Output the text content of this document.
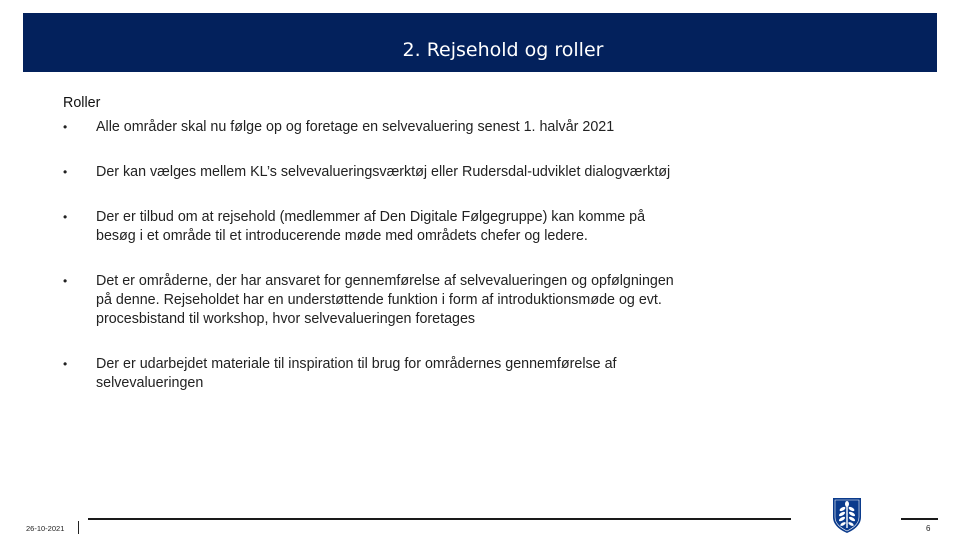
2. Rejsehold og roller
Roller
•	Alle områder skal nu følge op og foretage en selvevaluering senest 1. halvår 2021
•	Der kan vælges mellem KL’s selvevalueringsværktøj eller Rudersdal-udviklet dialogværktøj
•	Der er tilbud om at rejsehold (medlemmer af Den Digitale Følgegruppe) kan komme på besøg i et område til et introducerende møde med områdets chefer og ledere.
•	Det er områderne, der har ansvaret for gennemførelse af selvevalueringen og opfølgningen på denne. Rejseholdet har en understøttende funktion i form af introduktionsmøde og evt. procesbistand til workshop, hvor selvevalueringen foretages
•	Der er udarbejdet materiale til inspiration til brug for områdernes gennemførelse af selvevalueringen
26-10-2021	6
